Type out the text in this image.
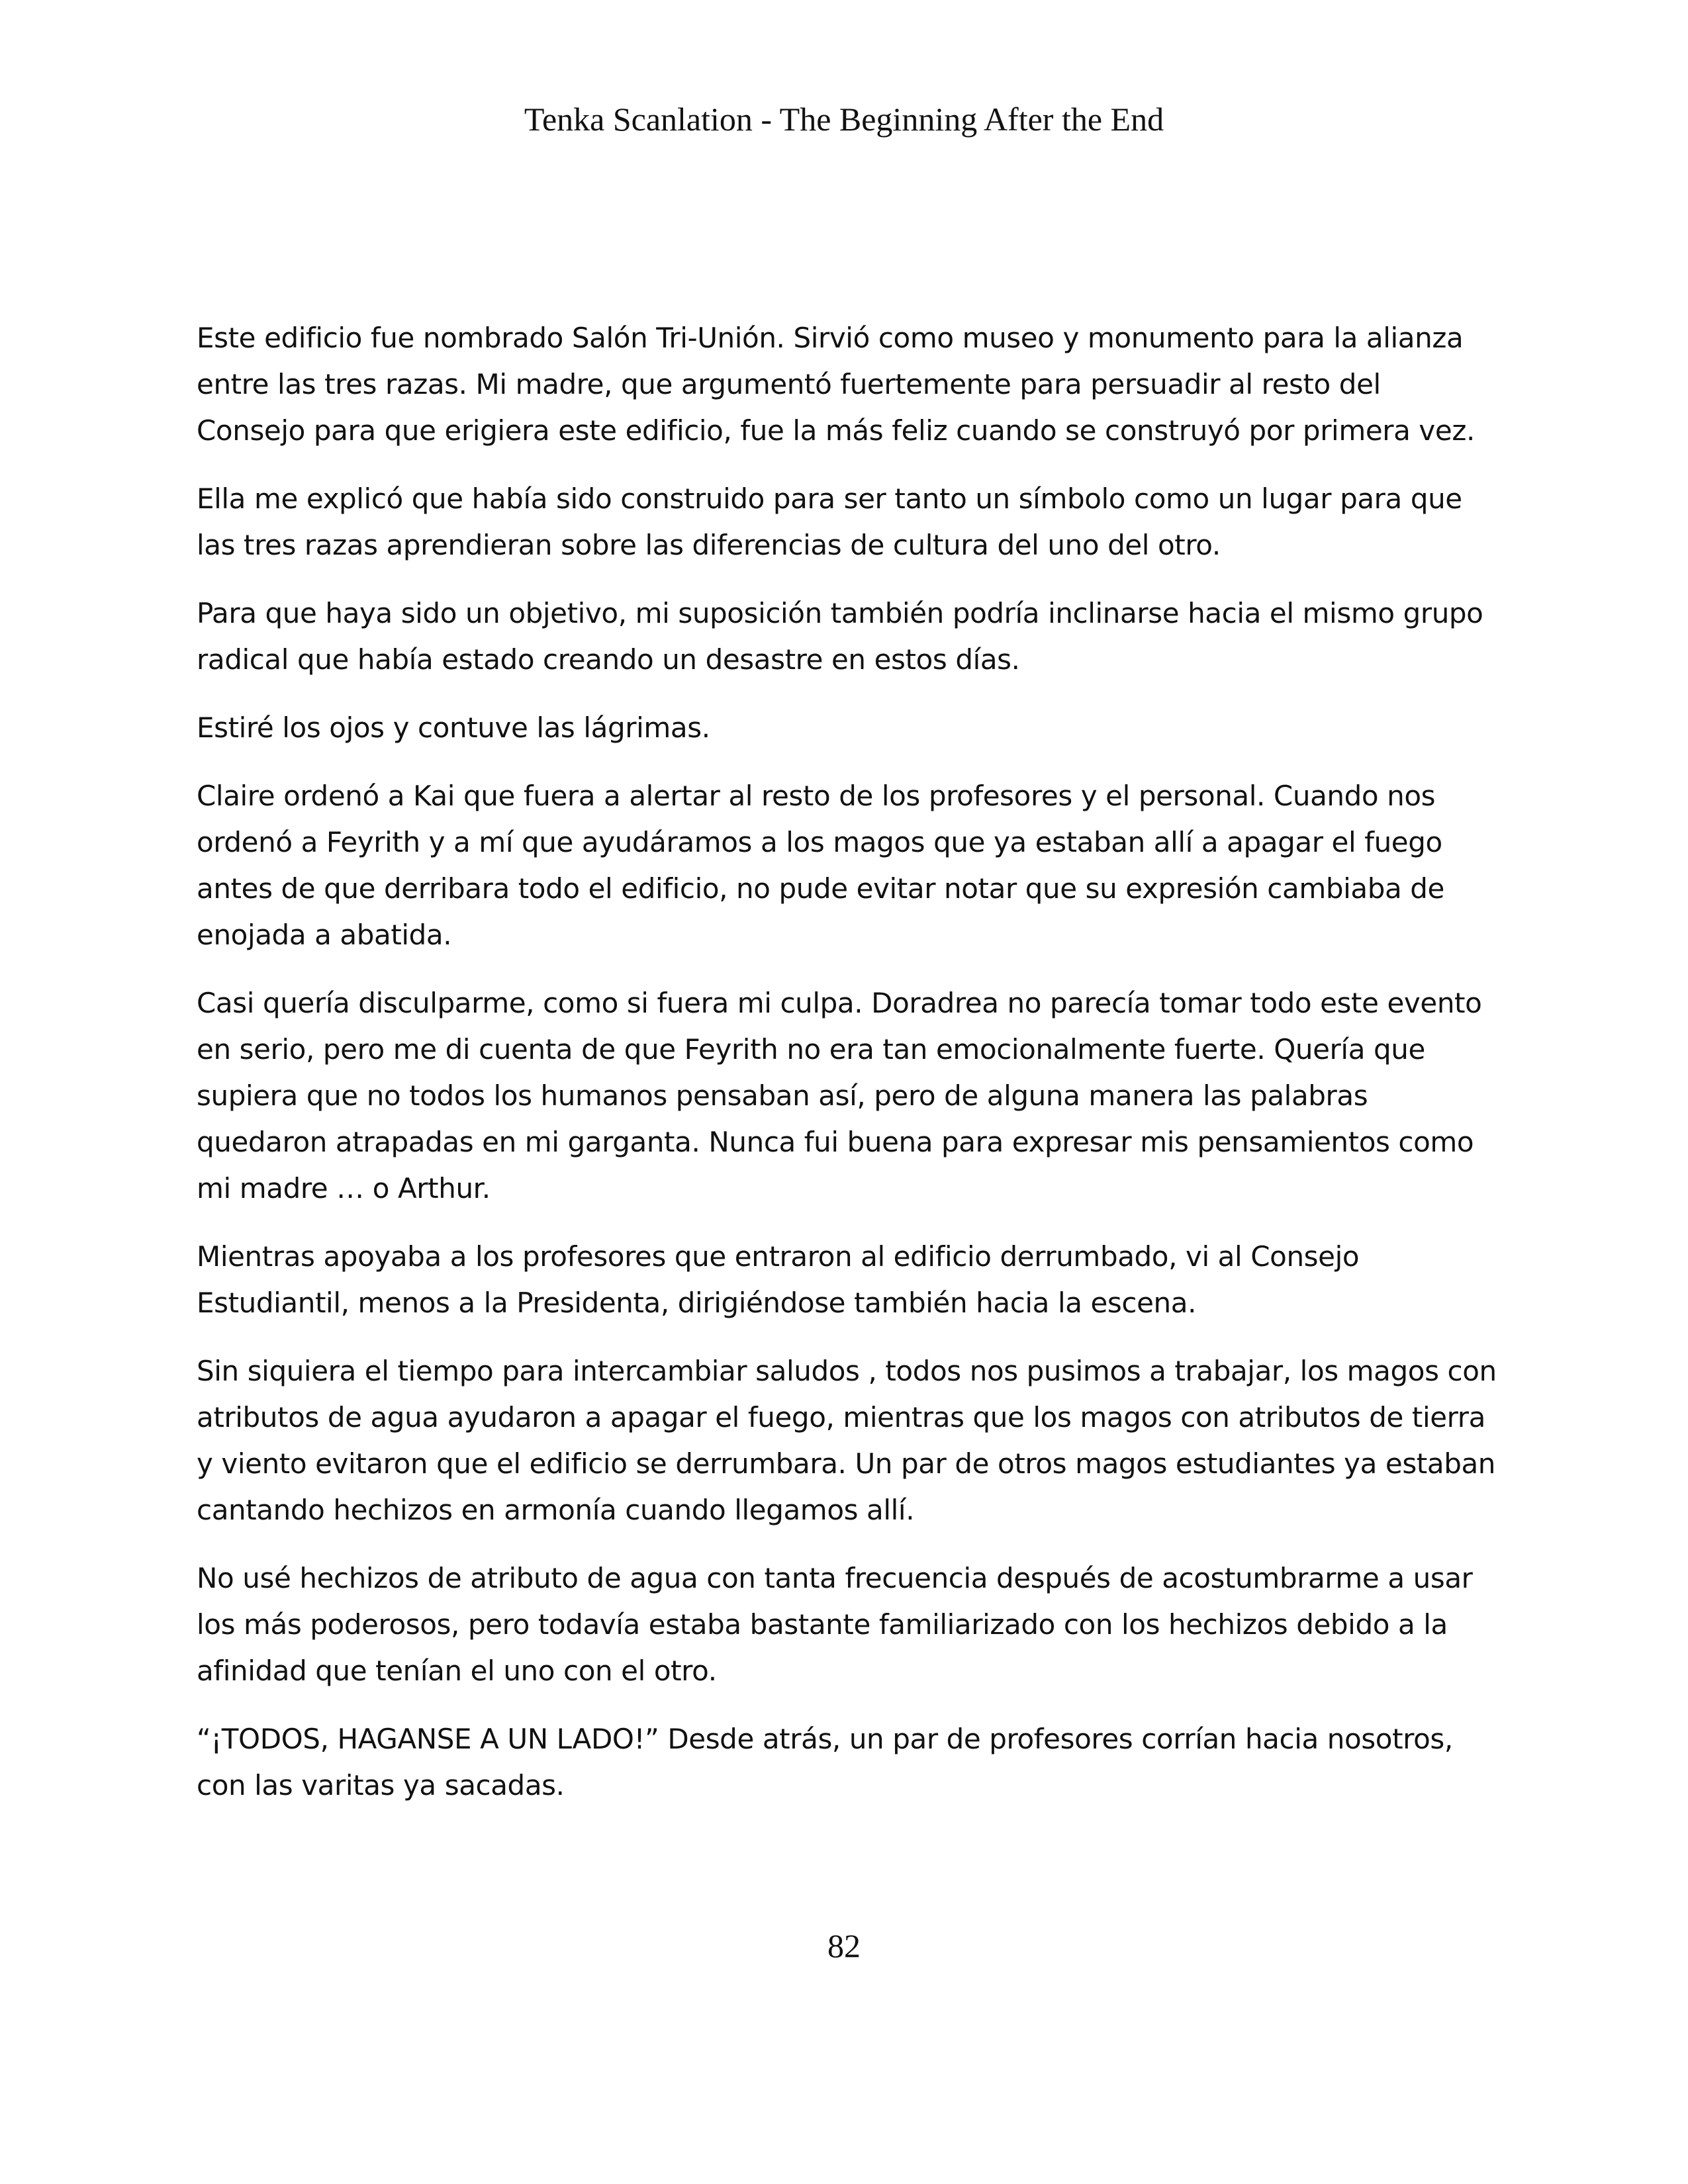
Tenka Scanlation - The Beginning After the End

Este edificio fue nombrado Salón Tri-Unión. Sirvió como museo y monumento para la alianza entre las tres razas. Mi madre, que argumentó fuertemente para persuadir al resto del Consejo para que erigiera este edificio, fue la más feliz cuando se construyó por primera vez.

Ella me explicó que había sido construido para ser tanto un símbolo como un lugar para que las tres razas aprendieran sobre las diferencias de cultura del uno del otro.

Para que haya sido un objetivo, mi suposición también podría inclinarse hacia el mismo grupo radical que había estado creando un desastre en estos días.

Estiré los ojos y contuve las lágrimas.

Claire ordenó a Kai que fuera a alertar al resto de los profesores y el personal. Cuando nos ordenó a Feyrith y a mí que ayudáramos a los magos que ya estaban allí a apagar el fuego antes de que derribara todo el edificio, no pude evitar notar que su expresión cambiaba de enojada a abatida.

Casi quería disculparme, como si fuera mi culpa. Doradrea no parecía tomar todo este evento en serio, pero me di cuenta de que Feyrith no era tan emocionalmente fuerte. Quería que supiera que no todos los humanos pensaban así, pero de alguna manera las palabras quedaron atrapadas en mi garganta. Nunca fui buena para expresar mis pensamientos como mi madre … o Arthur.

Mientras apoyaba a los profesores que entraron al edificio derrumbado, vi al Consejo Estudiantil, menos a la Presidenta, dirigiéndose también hacia la escena.

Sin siquiera el tiempo para intercambiar saludos , todos nos pusimos a trabajar, los magos con atributos de agua ayudaron a apagar el fuego, mientras que los magos con atributos de tierra y viento evitaron que el edificio se derrumbara. Un par de otros magos estudiantes ya estaban cantando hechizos en armonía cuando llegamos allí.

No usé hechizos de atributo de agua con tanta frecuencia después de acostumbrarme a usar los más poderosos, pero todavía estaba bastante familiarizado con los hechizos debido a la afinidad que tenían el uno con el otro.

“¡TODOS, HAGANSE A UN LADO!” Desde atrás, un par de profesores corrían hacia nosotros, con las varitas ya sacadas.

82
